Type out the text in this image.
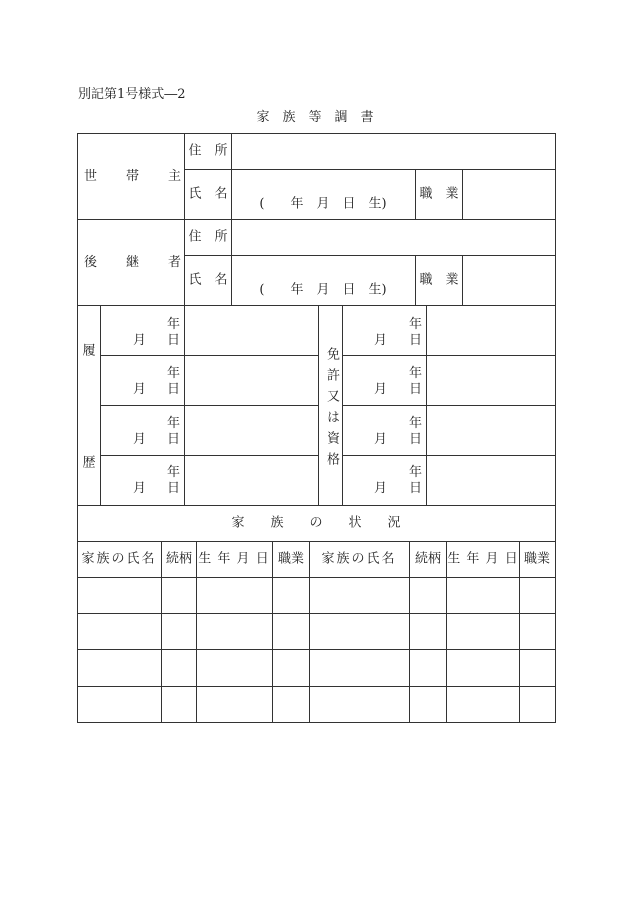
別記第1号様式―2
家　族　等　調　書
世　　帯　　主
住　所
氏　名
(　　年　月　日　生)
職　業
後　　継　　者
住　所
氏　名
(　　年　月　日　生)
職　業
履
歴
年
月 日
年
月 日
年
月 日
年
月 日
免許又は資格
年
月 日
年
月 日
年
月 日
年
月 日
家　　族　　の　　状　　況
家族の氏名 続柄 生 年 月 日 職業 家族の氏名 続柄 生 年 月 日 職業
